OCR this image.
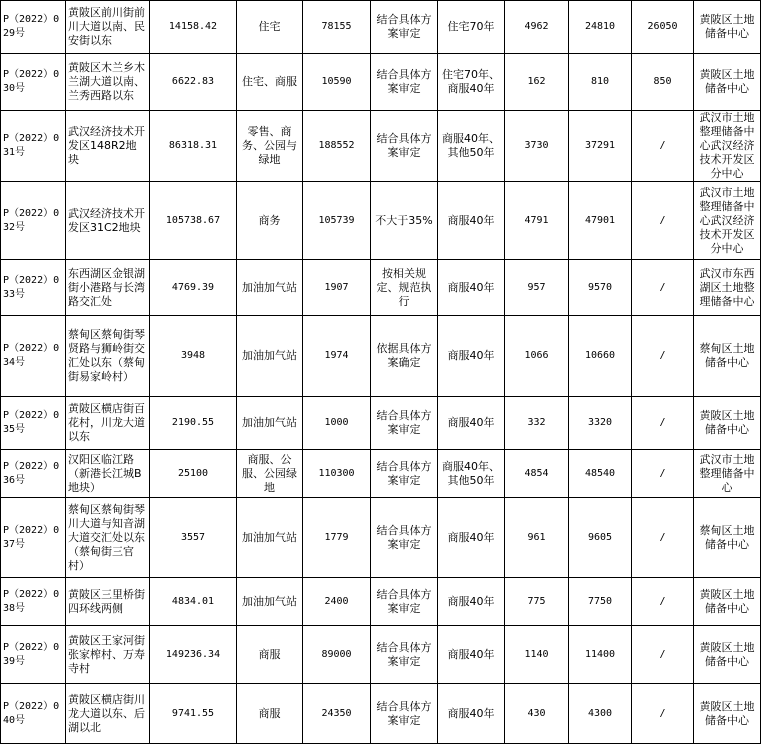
P（2022）029号	黄陂区前川街前川大道以南、民安街以东	14158.42	住宅	78155	结合具体方案审定	住宅70年	4962	24810	26050	黄陂区土地储备中心
P（2022）030号	黄陂区木兰乡木兰湖大道以南、兰秀西路以东	6622.83	住宅、商服	10590	结合具体方案审定	住宅70年、商服40年	162	810	850	黄陂区土地储备中心
P（2022）031号	武汉经济技术开发区148R2地块	86318.31	零售、商务、公园与绿地	188552	结合具体方案审定	商服40年、其他50年	3730	37291	/	武汉市土地整理储备中心武汉经济技术开发区分中心
P（2022）032号	武汉经济技术开发区31C2地块	105738.67	商务	105739	不大于35%	商服40年	4791	47901	/	武汉市土地整理储备中心武汉经济技术开发区分中心
P（2022）033号	东西湖区金银湖街小港路与长湾路交汇处	4769.39	加油加气站	1907	按相关规定、规范执行	商服40年	957	9570	/	武汉市东西湖区土地整理储备中心
P（2022）034号	蔡甸区蔡甸街琴贤路与狮岭街交汇处以东（蔡甸街易家岭村）	3948	加油加气站	1974	依据具体方案确定	商服40年	1066	10660	/	蔡甸区土地储备中心
P（2022）035号	黄陂区横店街百花村，川龙大道以东	2190.55	加油加气站	1000	结合具体方案审定	商服40年	332	3320	/	黄陂区土地储备中心
P（2022）036号	汉阳区临江路（新港长江城B地块）	25100	商服、公服、公园绿地	110300	结合具体方案审定	商服40年、其他50年	4854	48540	/	武汉市土地整理储备中心
P（2022）037号	蔡甸区蔡甸街琴川大道与知音湖大道交汇处以东（蔡甸街三官村）	3557	加油加气站	1779	结合具体方案审定	商服40年	961	9605	/	蔡甸区土地储备中心
P（2022）038号	黄陂区三里桥街四环线两侧	4834.01	加油加气站	2400	结合具体方案审定	商服40年	775	7750	/	黄陂区土地储备中心
P（2022）039号	黄陂区王家河街张家榨村、万寿寺村	149236.34	商服	89000	结合具体方案审定	商服40年	1140	11400	/	黄陂区土地储备中心
P（2022）040号	黄陂区横店街川龙大道以东、后湖以北	9741.55	商服	24350	结合具体方案审定	商服40年	430	4300	/	黄陂区土地储备中心
